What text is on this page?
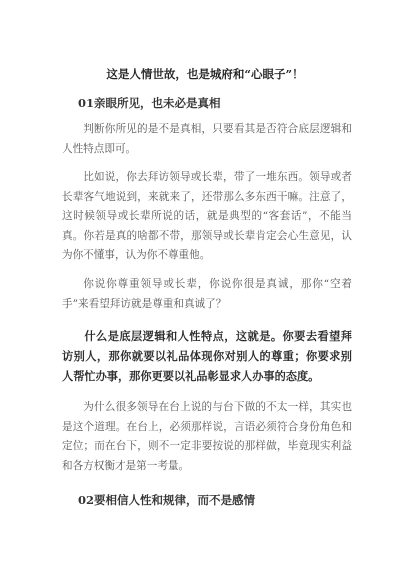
这是人情世故，也是城府和“心眼子”！
01亲眼所见，也未必是真相

判断你所见的是不是真相，只要看其是否符合底层逻辑和人性特点即可。

比如说，你去拜访领导或长辈，带了一堆东西。领导或者长辈客气地说到，来就来了，还带那么多东西干嘛。注意了，这时候领导或长辈所说的话，就是典型的“客套话”，不能当真。你若是真的啥都不带，那领导或长辈肯定会心生意见，认为你不懂事，认为你不尊重他。

你说你尊重领导或长辈，你说你很是真诚，那你“空着手”来看望拜访就是尊重和真诚了？

什么是底层逻辑和人性特点，这就是。你要去看望拜访别人，那你就要以礼品体现你对别人的尊重；你要求别人帮忙办事，那你更要以礼品彰显求人办事的态度。

为什么很多领导在台上说的与台下做的不太一样，其实也是这个道理。在台上，必须那样说，言语必须符合身份角色和定位；而在台下，则不一定非要按说的那样做，毕竟现实利益和各方权衡才是第一考量。

02要相信人性和规律，而不是感情
